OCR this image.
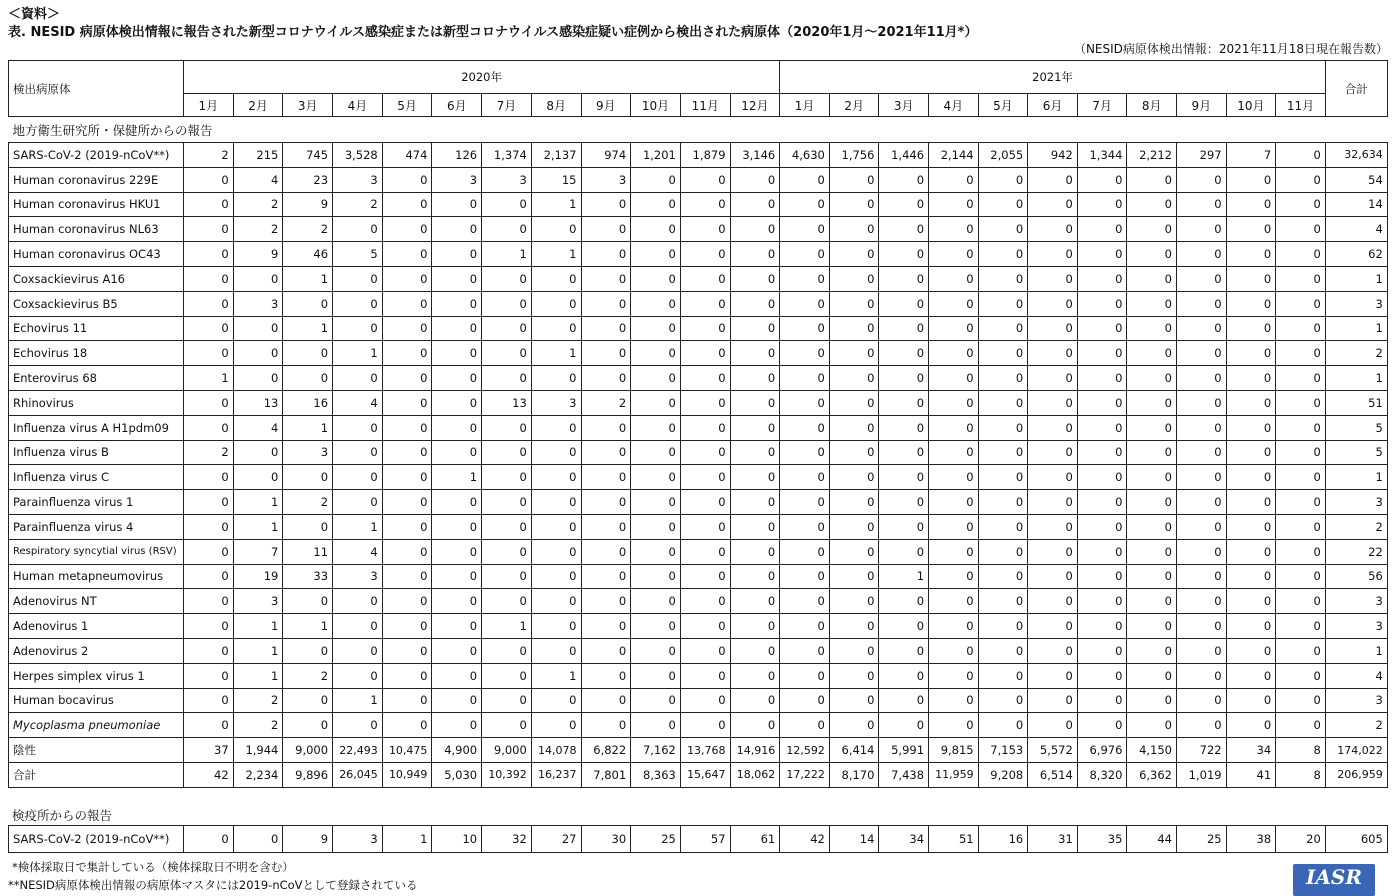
＜資料＞
表. NESID 病原体検出情報に報告された新型コロナウイルス感染症または新型コロナウイルス感染症疑い症例から検出された病原体（2020年1月～2021年11月*）
（NESID病原体検出情報：2021年11月18日現在報告数）
検出病原体	2020年												2021年											合計
	1月	2月	3月	4月	5月	6月	7月	8月	9月	10月	11月	12月	1月	2月	3月	4月	5月	6月	7月	8月	9月	10月	11月	
地方衛生研究所・保健所からの報告																								
SARS-CoV-2 (2019-nCoV**)	2	215	745	3,528	474	126	1,374	2,137	974	1,201	1,879	3,146	4,630	1,756	1,446	2,144	2,055	942	1,344	2,212	297	7	0	32,634
Human coronavirus 229E	0	4	23	3	0	3	3	15	3	0	0	0	0	0	0	0	0	0	0	0	0	0	0	54
Human coronavirus HKU1	0	2	9	2	0	0	0	1	0	0	0	0	0	0	0	0	0	0	0	0	0	0	0	14
Human coronavirus NL63	0	2	2	0	0	0	0	0	0	0	0	0	0	0	0	0	0	0	0	0	0	0	0	4
Human coronavirus OC43	0	9	46	5	0	0	1	1	0	0	0	0	0	0	0	0	0	0	0	0	0	0	0	62
Coxsackievirus A16	0	0	1	0	0	0	0	0	0	0	0	0	0	0	0	0	0	0	0	0	0	0	0	1
Coxsackievirus B5	0	3	0	0	0	0	0	0	0	0	0	0	0	0	0	0	0	0	0	0	0	0	0	3
Echovirus 11	0	0	1	0	0	0	0	0	0	0	0	0	0	0	0	0	0	0	0	0	0	0	0	1
Echovirus 18	0	0	0	1	0	0	0	1	0	0	0	0	0	0	0	0	0	0	0	0	0	0	0	2
Enterovirus 68	1	0	0	0	0	0	0	0	0	0	0	0	0	0	0	0	0	0	0	0	0	0	0	1
Rhinovirus	0	13	16	4	0	0	13	3	2	0	0	0	0	0	0	0	0	0	0	0	0	0	0	51
Influenza virus A H1pdm09	0	4	1	0	0	0	0	0	0	0	0	0	0	0	0	0	0	0	0	0	0	0	0	5
Influenza virus B	2	0	3	0	0	0	0	0	0	0	0	0	0	0	0	0	0	0	0	0	0	0	0	5
Influenza virus C	0	0	0	0	0	1	0	0	0	0	0	0	0	0	0	0	0	0	0	0	0	0	0	1
Parainfluenza virus 1	0	1	2	0	0	0	0	0	0	0	0	0	0	0	0	0	0	0	0	0	0	0	0	3
Parainfluenza virus 4	0	1	0	1	0	0	0	0	0	0	0	0	0	0	0	0	0	0	0	0	0	0	0	2
Respiratory syncytial virus (RSV)	0	7	11	4	0	0	0	0	0	0	0	0	0	0	0	0	0	0	0	0	0	0	0	22
Human metapneumovirus	0	19	33	3	0	0	0	0	0	0	0	0	0	0	1	0	0	0	0	0	0	0	0	56
Adenovirus NT	0	3	0	0	0	0	0	0	0	0	0	0	0	0	0	0	0	0	0	0	0	0	0	3
Adenovirus 1	0	1	1	0	0	0	1	0	0	0	0	0	0	0	0	0	0	0	0	0	0	0	0	3
Adenovirus 2	0	1	0	0	0	0	0	0	0	0	0	0	0	0	0	0	0	0	0	0	0	0	0	1
Herpes simplex virus 1	0	1	2	0	0	0	0	1	0	0	0	0	0	0	0	0	0	0	0	0	0	0	0	4
Human bocavirus	0	2	0	1	0	0	0	0	0	0	0	0	0	0	0	0	0	0	0	0	0	0	0	3
Mycoplasma pneumoniae	0	2	0	0	0	0	0	0	0	0	0	0	0	0	0	0	0	0	0	0	0	0	0	2
陰性	37	1,944	9,000	22,493	10,475	4,900	9,000	14,078	6,822	7,162	13,768	14,916	12,592	6,414	5,991	9,815	7,153	5,572	6,976	4,150	722	34	8	174,022
合計	42	2,234	9,896	26,045	10,949	5,030	10,392	16,237	7,801	8,363	15,647	18,062	17,222	8,170	7,438	11,959	9,208	6,514	8,320	6,362	1,019	41	8	206,959
検疫所からの報告
SARS-CoV-2 (2019-nCoV**)	0	0	9	3	1	10	32	27	30	25	57	61	42	14	34	51	16	31	35	44	25	38	20	605
*検体採取日で集計している（検体採取日不明を含む）
**NESID病原体検出情報の病原体マスタには2019-nCoVとして登録されている	IASR
